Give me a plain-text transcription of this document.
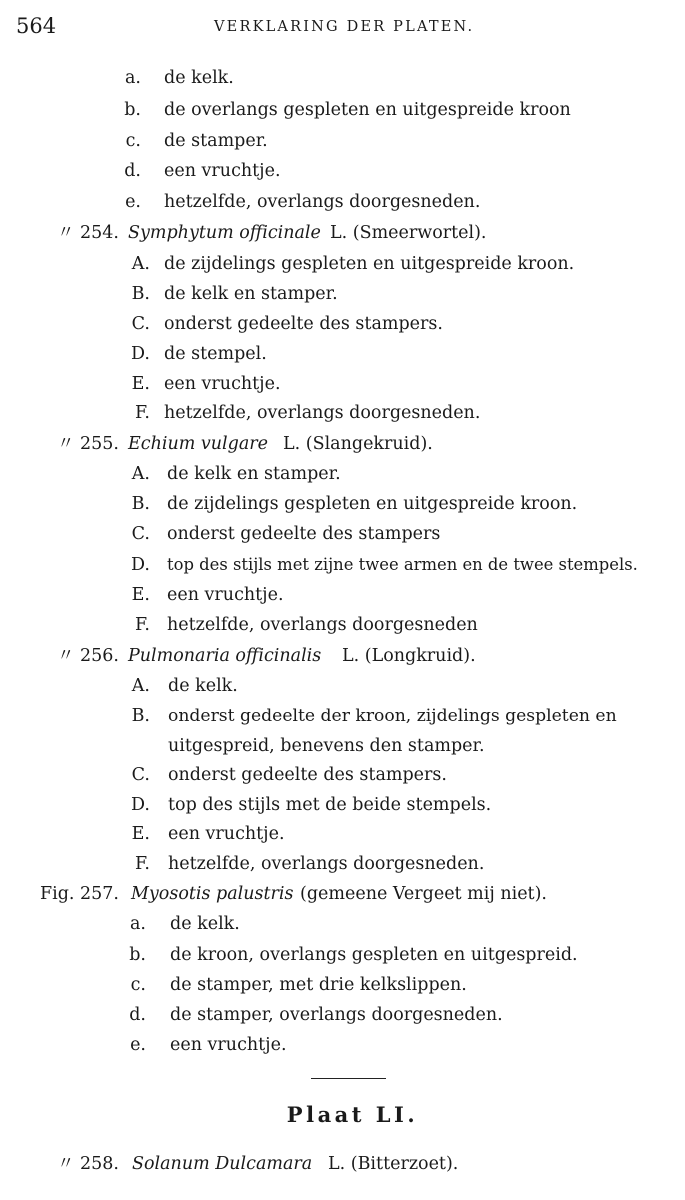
564	VERKLARING DER PLATEN.
a. de kelk.
b. de overlangs gespleten en uitgespreide kroon
c. de stamper.
d. een vruchtje.
e. hetzelfde, overlangs doorgesneden.
〃 254. Symphytum officinale L. (Smeerwortel).
A. de zijdelings gespleten en uitgespreide kroon.
B. de kelk en stamper.
C. onderst gedeelte des stampers.
D. de stempel.
E. een vruchtje.
F. hetzelfde, overlangs doorgesneden.
〃 255. Echium vulgare L. (Slangekruid).
A. de kelk en stamper.
B. de zijdelings gespleten en uitgespreide kroon.
C. onderst gedeelte des stampers
D. top des stijls met zijne twee armen en de twee stempels.
E. een vruchtje.
F. hetzelfde, overlangs doorgesneden
〃 256. Pulmonaria officinalis L. (Longkruid).
A. de kelk.
B. onderst gedeelte der kroon, zijdelings gespleten en
uitgespreid, benevens den stamper.
C. onderst gedeelte des stampers.
D. top des stijls met de beide stempels.
E. een vruchtje.
F. hetzelfde, overlangs doorgesneden.
Fig. 257. Myosotis palustris (gemeene Vergeet mij niet).
a. de kelk.
b. de kroon, overlangs gespleten en uitgespreid.
c. de stamper, met drie kelkslippen.
d. de stamper, overlangs doorgesneden.
e. een vruchtje.
Plaat LI.
〃 258. Solanum Dulcamara L. (Bitterzoet).
